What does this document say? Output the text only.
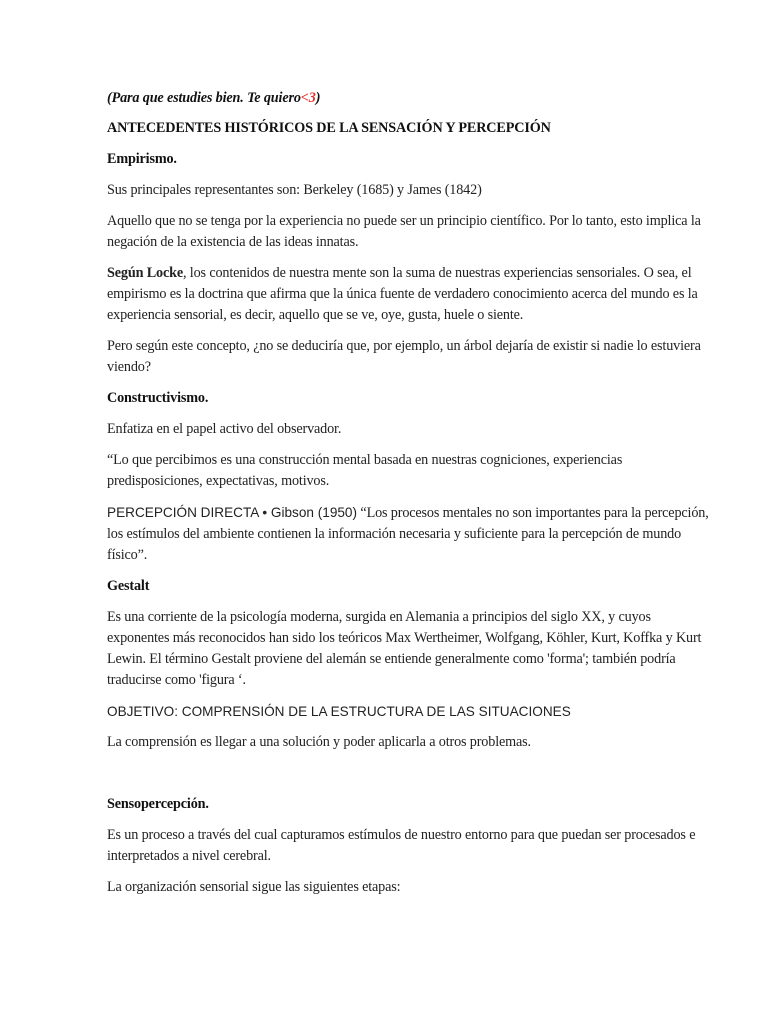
(Para que estudies bien. Te quiero<3)

ANTECEDENTES HISTÓRICOS DE LA SENSACIÓN Y PERCEPCIÓN

Empirismo.

Sus principales representantes son: Berkeley (1685) y James (1842)

Aquello que no se tenga por la experiencia no puede ser un principio científico. Por lo tanto, esto implica la negación de la existencia de las ideas innatas.

Según Locke, los contenidos de nuestra mente son la suma de nuestras experiencias sensoriales. O sea, el empirismo es la doctrina que afirma que la única fuente de verdadero conocimiento acerca del mundo es la experiencia sensorial, es decir, aquello que se ve, oye, gusta, huele o siente.

Pero según este concepto, ¿no se deduciría que, por ejemplo, un árbol dejaría de existir si nadie lo estuviera viendo?

Constructivismo.

Enfatiza en el papel activo del observador.

“Lo que percibimos es una construcción mental basada en nuestras cogniciones, experiencias predisposiciones, expectativas, motivos.

PERCEPCIÓN DIRECTA • Gibson (1950) “Los procesos mentales no son importantes para la percepción, los estímulos del ambiente contienen la información necesaria y suficiente para la percepción de mundo físico”.

Gestalt

Es una corriente de la psicología moderna, surgida en Alemania a principios del siglo XX, y cuyos exponentes más reconocidos han sido los teóricos Max Wertheimer, Wolfgang, Köhler, Kurt, Koffka y Kurt Lewin. El término Gestalt proviene del alemán se entiende generalmente como 'forma'; también podría traducirse como 'figura ‘.

OBJETIVO: COMPRENSIÓN DE LA ESTRUCTURA DE LAS SITUACIONES

La comprensión es llegar a una solución y poder aplicarla a otros problemas.

Sensopercepción.

Es un proceso a través del cual capturamos estímulos de nuestro entorno para que puedan ser procesados e interpretados a nivel cerebral.

La organización sensorial sigue las siguientes etapas:
